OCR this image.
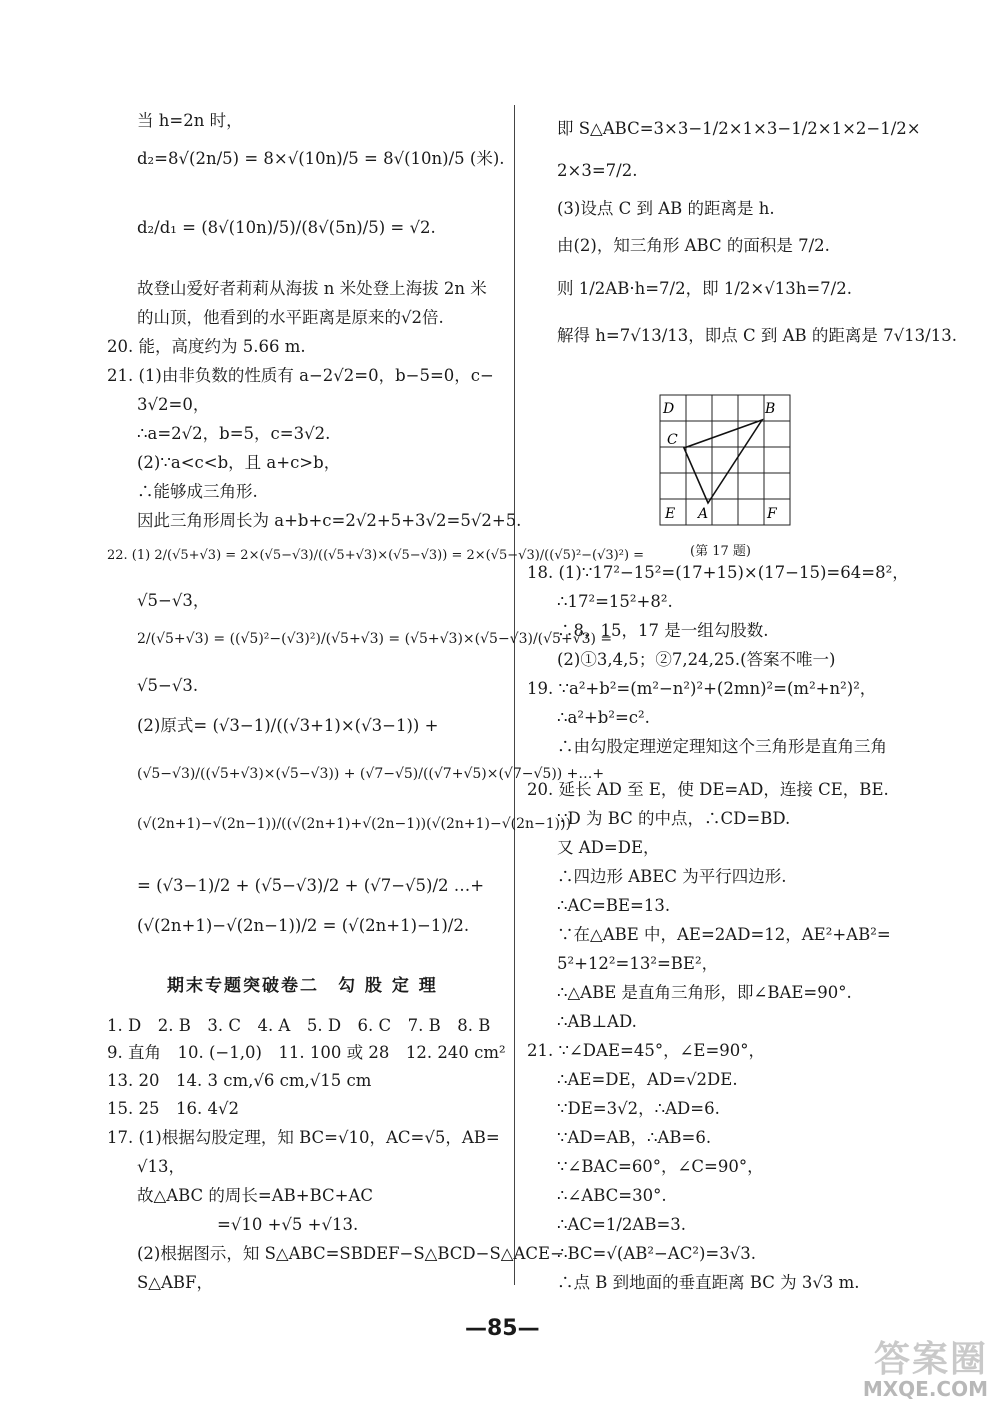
当 h=2n 时，
d₂=8√(2n/5) = 8×√(10n)/5 = 8√(10n)/5 (米).
d₂/d₁ = (8√(10n)/5)/(8√(5n)/5) = √2.
故登山爱好者莉莉从海拔 n 米处登上海拔 2n 米
的山顶，他看到的水平距离是原来的√2倍.
20. 能，高度约为 5.66 m.
21. (1)由非负数的性质有 a−2√2=0，b−5=0，c−
3√2=0，
∴a=2√2，b=5，c=3√2.
(2)∵a<c<b，且 a+c>b，
∴能够成三角形.
因此三角形周长为 a+b+c=2√2+5+3√2=5√2+5.
22. (1) 2/(√5+√3) = 2×(√5−√3)/((√5+√3)×(√5−√3)) = 2×(√5−√3)/((√5)²−(√3)²) =
√5−√3，
2/(√5+√3) = ((√5)²−(√3)²)/(√5+√3) = (√5+√3)×(√5−√3)/(√5+√3) =
√5−√3.
(2)原式= (√3−1)/((√3+1)×(√3−1)) +
(√5−√3)/((√5+√3)×(√5−√3)) + (√7−√5)/((√7+√5)×(√7−√5)) +…+
(√(2n+1)−√(2n−1))/((√(2n+1)+√(2n−1))(√(2n+1)−√(2n−1)))
= (√3−1)/2 + (√5−√3)/2 + (√7−√5)/2 …+
(√(2n+1)−√(2n−1))/2 = (√(2n+1)−1)/2.
期末专题突破卷二　勾 股 定 理
1. D　2. B　3. C　4. A　5. D　6. C　7. B　8. B
9. 直角　10. (−1,0)　11. 100 或 28　12. 240 cm²
13. 20　14. 3 cm,√6 cm,√15 cm
15. 25　16. 4√2
17. (1)根据勾股定理，知 BC=√10，AC=√5，AB=
√13，
故△ABC 的周长=AB+BC+AC
=√10 +√5 +√13.
(2)根据图示，知 S△ABC=SBDEF−S△BCD−S△ACE−
S△ABF，
即 S△ABC=3×3−1/2×1×3−1/2×1×2−1/2×
2×3=7/2.
(3)设点 C 到 AB 的距离是 h.
由(2)，知三角形 ABC 的面积是 7/2.
则 1/2AB·h=7/2，即 1/2×√13h=7/2.
解得 h=7√13/13，即点 C 到 AB 的距离是 7√13/13.
18. (1)∵17²−15²=(17+15)×(17−15)=64=8²，
∴17²=15²+8².
∴8，15，17 是一组勾股数.
(2)①3,4,5；②7,24,25.(答案不唯一)
19. ∵a²+b²=(m²−n²)²+(2mn)²=(m²+n²)²，
∴a²+b²=c².
∴由勾股定理逆定理知这个三角形是直角三角
20. 延长 AD 至 E，使 DE=AD，连接 CE，BE.
∵D 为 BC 的中点，∴CD=BD.
又 AD=DE，
∴四边形 ABEC 为平行四边形.
∴AC=BE=13.
∵在△ABE 中，AE=2AD=12，AE²+AB²=
5²+12²=13²=BE²，
∴△ABE 是直角三角形，即∠BAE=90°.
∴AB⊥AD.
21. ∵∠DAE=45°，∠E=90°，
∴AE=DE，AD=√2DE.
∵DE=3√2，∴AD=6.
∵AD=AB，∴AB=6.
∵∠BAC=60°，∠C=90°，
∴∠ABC=30°.
∴AC=1/2AB=3.
∴BC=√(AB²−AC²)=3√3.
∴点 B 到地面的垂直距离 BC 为 3√3 m.
D	B
C
E A	F
(第 17 题)
—85—
答案圈
MXQE.COM
